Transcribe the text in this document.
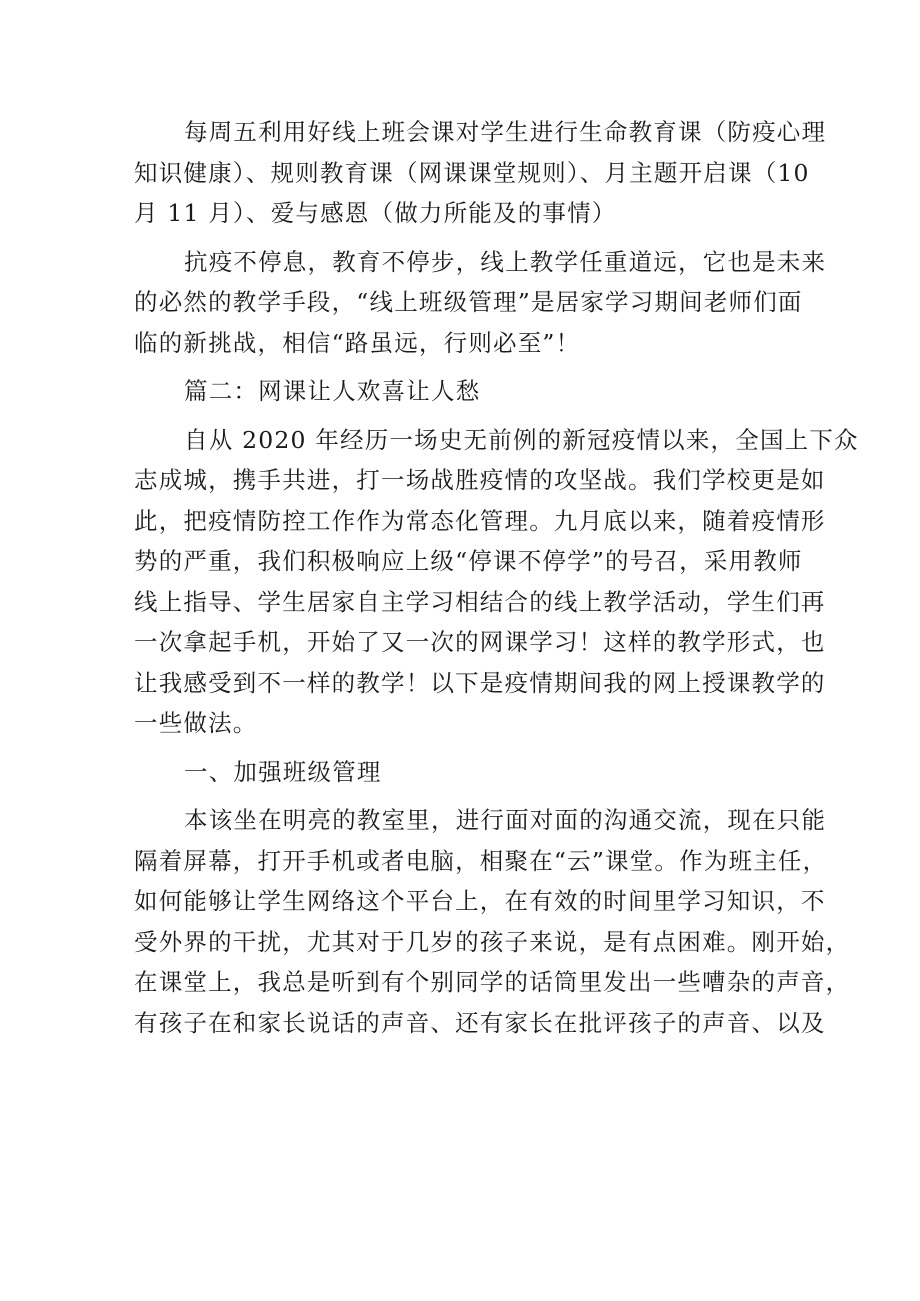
每周五利用好线上班会课对学生进行生命教育课（防疫心理
知识健康）、规则教育课（网课课堂规则）、月主题开启课（10
月 11 月）、爱与感恩（做力所能及的事情）
抗疫不停息，教育不停步，线上教学任重道远，它也是未来
的必然的教学手段，“线上班级管理”是居家学习期间老师们面
临的新挑战，相信“路虽远，行则必至”！
篇二：网课让人欢喜让人愁
自从 2020 年经历一场史无前例的新冠疫情以来，全国上下众
志成城，携手共进，打一场战胜疫情的攻坚战。我们学校更是如
此，把疫情防控工作作为常态化管理。九月底以来，随着疫情形
势的严重，我们积极响应上级“停课不停学”的号召，采用教师
线上指导、学生居家自主学习相结合的线上教学活动，学生们再
一次拿起手机，开始了又一次的网课学习！这样的教学形式，也
让我感受到不一样的教学！以下是疫情期间我的网上授课教学的
一些做法。
一、加强班级管理
本该坐在明亮的教室里，进行面对面的沟通交流，现在只能
隔着屏幕，打开手机或者电脑，相聚在“云”课堂。作为班主任，
如何能够让学生网络这个平台上，在有效的时间里学习知识，不
受外界的干扰，尤其对于几岁的孩子来说，是有点困难。刚开始，
在课堂上，我总是听到有个别同学的话筒里发出一些嘈杂的声音，
有孩子在和家长说话的声音、还有家长在批评孩子的声音、以及
